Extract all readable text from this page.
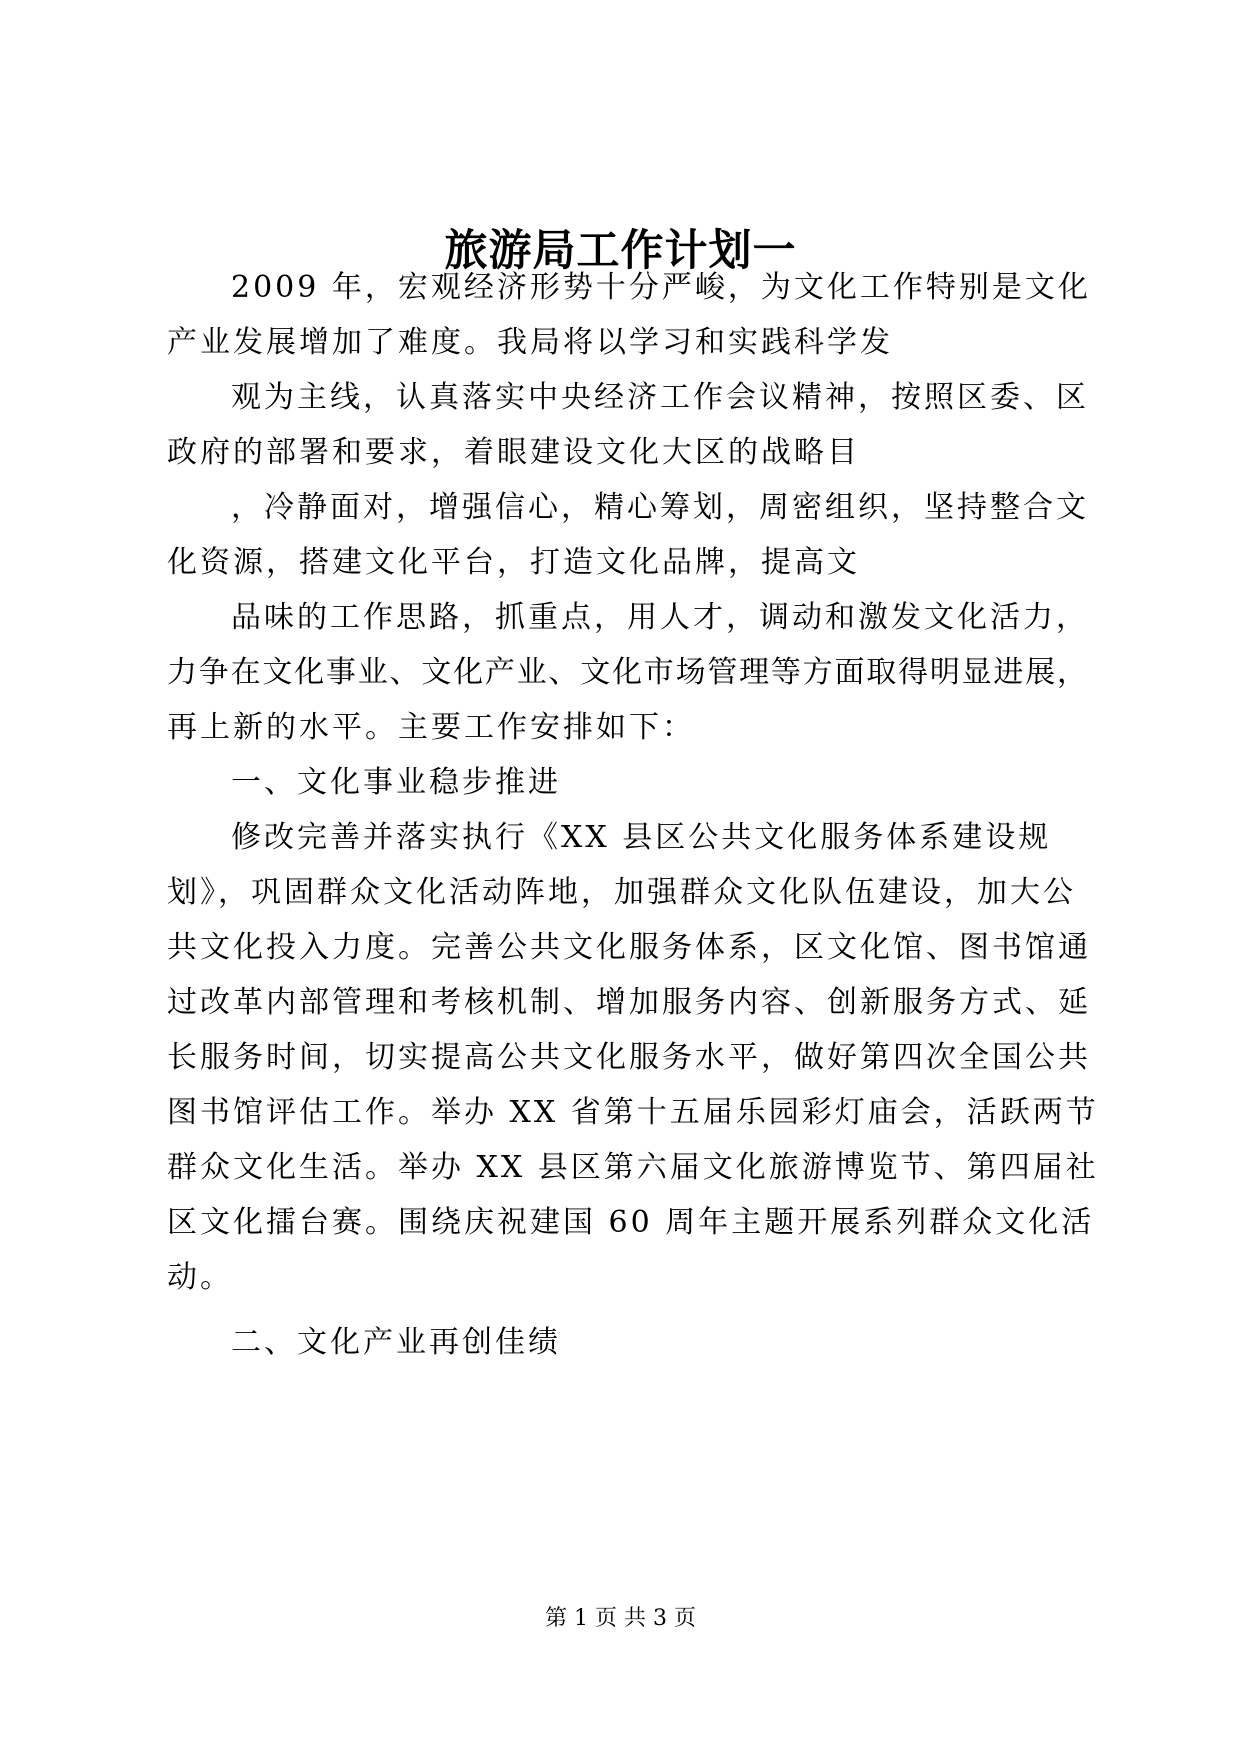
旅游局工作计划一

2009 年，宏观经济形势十分严峻，为文化工作特别是文化

产业发展增加了难度。我局将以学习和实践科学发

观为主线，认真落实中央经济工作会议精神，按照区委、区

政府的部署和要求，着眼建设文化大区的战略目

，冷静面对，增强信心，精心筹划，周密组织，坚持整合文

化资源，搭建文化平台，打造文化品牌，提高文

品味的工作思路，抓重点，用人才，调动和激发文化活力，

力争在文化事业、文化产业、文化市场管理等方面取得明显进展，

再上新的水平。主要工作安排如下：

一、文化事业稳步推进

修改完善并落实执行《XX 县区公共文化服务体系建设规

划》，巩固群众文化活动阵地，加强群众文化队伍建设，加大公

共文化投入力度。完善公共文化服务体系，区文化馆、图书馆通

过改革内部管理和考核机制、增加服务内容、创新服务方式、延

长服务时间，切实提高公共文化服务水平，做好第四次全国公共

图书馆评估工作。举办 XX 省第十五届乐园彩灯庙会，活跃两节

群众文化生活。举办 XX 县区第六届文化旅游博览节、第四届社

区文化擂台赛。围绕庆祝建国 60 周年主题开展系列群众文化活

动。

二、文化产业再创佳绩

第 1 页 共 3 页
